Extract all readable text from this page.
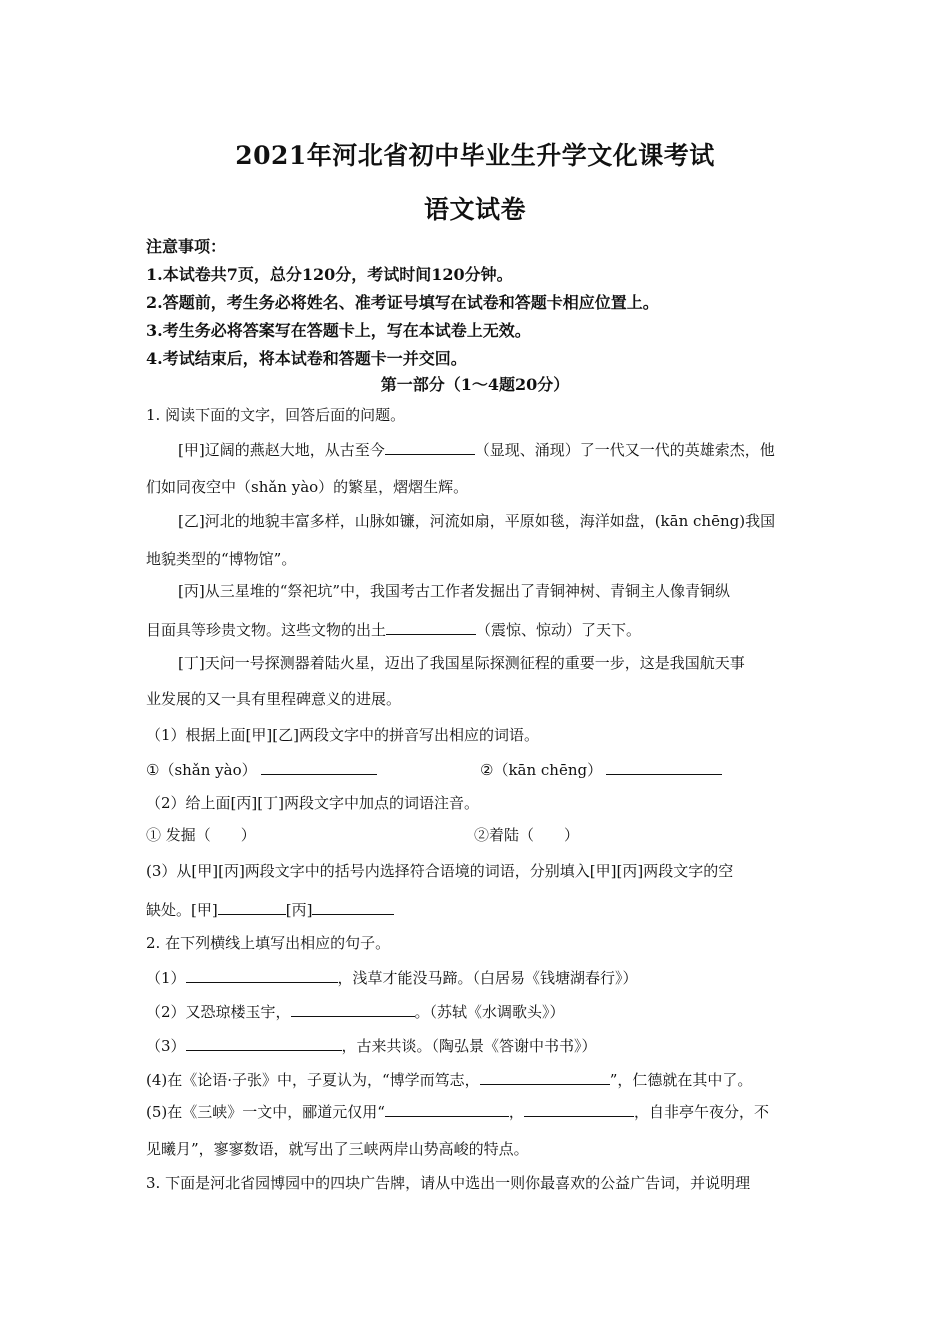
2021年河北省初中毕业生升学文化课考试
语文试卷
注意事项：
1.本试卷共7页，总分120分，考试时间120分钟。
2.答题前，考生务必将姓名、准考证号填写在试卷和答题卡相应位置上。
3.考生务必将答案写在答题卡上，写在本试卷上无效。
4.考试结束后，将本试卷和答题卡一并交回。
第一部分（1～4题20分）
1. 阅读下面的文字，回答后面的问题。
[甲]辽阔的燕赵大地，从古至今	（显现、涌现）了一代又一代的英雄索杰，他
们如同夜空中（shǎn yào）的繁星，熠熠生辉。
[乙]河北的地貌丰富多样，山脉如镰，河流如扇，平原如毯，海洋如盘，(kān chēng)我国
地貌类型的“博物馆”。
[丙]从三星堆的“祭祀坑”中，我国考古工作者发掘出了青铜神树、青铜主人像青铜纵
目面具等珍贵文物。这些文物的出土	（震惊、惊动）了天下。
[丁]天问一号探测器着陆火星，迈出了我国星际探测征程的重要一步，这是我国航天事
业发展的又一具有里程碑意义的进展。
（1）根据上面[甲][乙]两段文字中的拼音写出相应的词语。
①（shǎn yào）	②（kān chēng）
（2）给上面[丙][丁]两段文字中加点的词语注音。
① 发掘（　　）	②着陆（　　）
(3）从[甲][丙]两段文字中的括号内选择符合语境的词语，分别填入[甲][丙]两段文字的空
缺处。[甲]	[丙]
2. 在下列横线上填写出相应的句子。
（1）	，浅草才能没马蹄。（白居易《钱塘湖春行》）
（2）又恐琼楼玉宇，	。（苏轼《水调歌头》）
（3）	，古来共谈。（陶弘景《答谢中书书》）
(4)在《论语·子张》中，子夏认为，“博学而笃志，	”，仁德就在其中了。
(5)在《三峡》一文中，郦道元仅用“	，	，自非亭午夜分，不
见曦月”，寥寥数语，就写出了三峡两岸山势高峻的特点。
3. 下面是河北省园博园中的四块广告牌，请从中选出一则你最喜欢的公益广告词，并说明理
